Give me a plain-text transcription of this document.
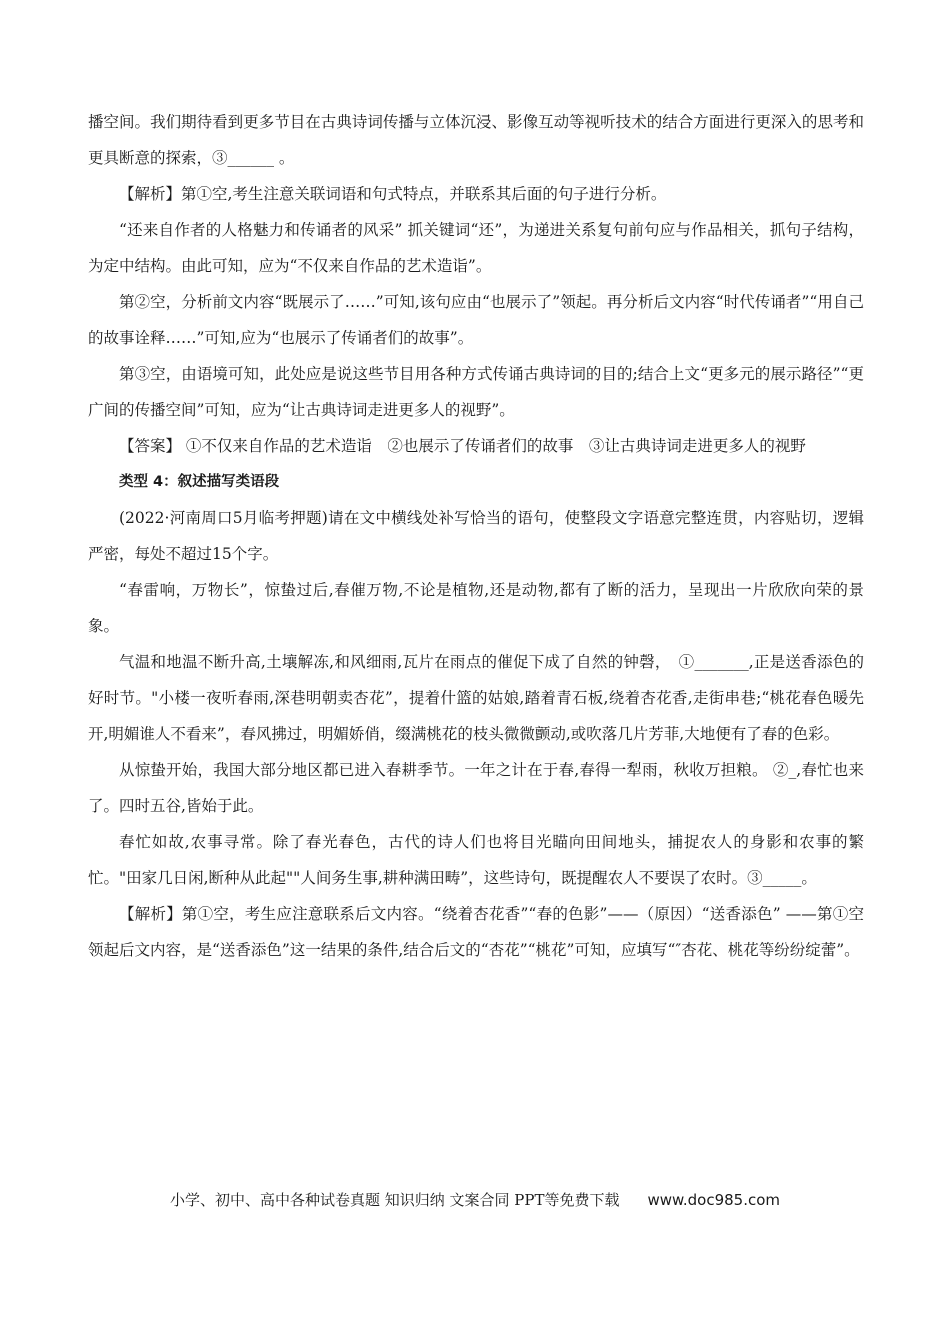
播空间。我们期待看到更多节目在古典诗词传播与立体沉浸、影像互动等视听技术的结合方面进行更深入的思考和更具断意的探索，③______ 。

【解析】第①空,考生注意关联词语和句式特点，并联系其后面的句子进行分析。

“还来自作者的人格魅力和传诵者的风采” 抓关键词“还”，为递进关系复句前句应与作品相关，抓句子结构，为定中结构。由此可知，应为“不仅来自作品的艺术造诣”。

第②空，分析前文内容“既展示了……”可知,该句应由“也展示了”领起。再分析后文内容“时代传诵者”“用自己的故事诠释……”可知,应为“也展示了传诵者们的故事”。

第③空，由语境可知，此处应是说这些节目用各种方式传诵古典诗词的目的;结合上文“更多元的展示路径”“更广间的传播空间”可知，应为“让古典诗词走进更多人的视野”。

【答案】 ①不仅来自作品的艺术造诣　②也展示了传诵者们的故事　③让古典诗词走进更多人的视野

类型 4：叙述描写类语段

(2022·河南周口5月临考押题)请在文中横线处补写恰当的语句，使整段文字语意完整连贯，内容贴切，逻辑严密，每处不超过15个字。

“春雷响，万物长”，惊蛰过后,春催万物,不论是植物,还是动物,都有了断的活力，呈现出一片欣欣向荣的景象。

气温和地温不断升高,土壤解冻,和风细雨,瓦片在雨点的催促下成了自然的钟磬，　①_______,正是送香添色的好时节。"小楼一夜听春雨,深巷明朝卖杏花”，提着什篮的姑娘,踏着青石板,绕着杏花香,走街串巷;“桃花春色暖先开,明媚谁人不看来”，春风拂过，明媚娇俏，缀满桃花的枝头微微颤动,或吹落几片芳菲,大地便有了春的色彩。

从惊蛰开始，我国大部分地区都已进入春耕季节。一年之计在于春,春得一犁雨，秋收万担粮。 ②_,春忙也来了。四时五谷,皆始于此。

春忙如故,农事寻常。除了春光春色，古代的诗人们也将目光瞄向田间地头，捕捉农人的身影和农事的繁忙。"田家几日闲,断种从此起""人间务生事,耕种满田畴”，这些诗句，既提醒农人不要误了农时。③_____。

【解析】第①空，考生应注意联系后文内容。“绕着杏花香”“春的色影”——（原因）“送香添色” ——第①空领起后文内容，是“送香添色”这一结果的条件,结合后文的“杏花”“桃花”可知，应填写“″杏花、桃花等纷纷绽蕾”。

小学、初中、高中各种试卷真题 知识归纳 文案合同 PPT等免费下载 www.doc985.com
